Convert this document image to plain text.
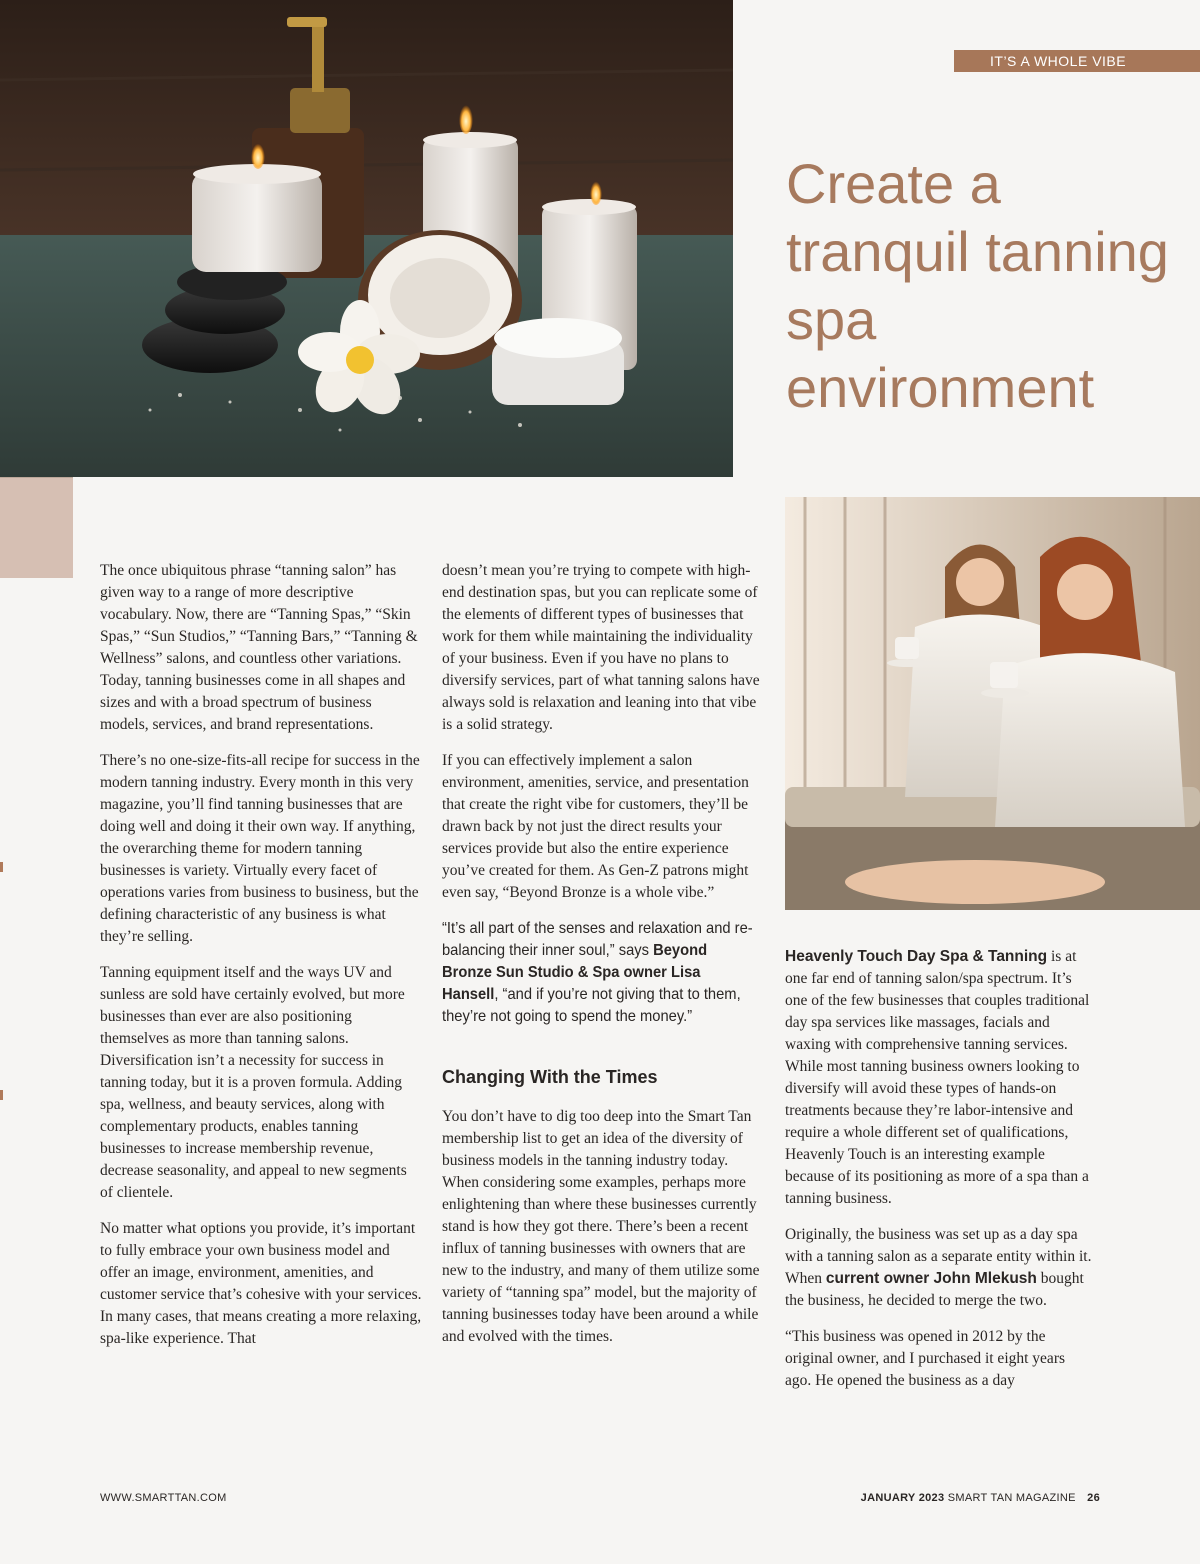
IT’S A WHOLE VIBE
Create a tranquil tanning spa environment

The once ubiquitous phrase “tanning salon” has given way to a range of more descriptive vocabulary. Now, there are “Tanning Spas,” “Skin Spas,” “Sun Studios,” “Tanning Bars,” “Tanning & Wellness” salons, and countless other variations. Today, tanning businesses come in all shapes and sizes and with a broad spectrum of business models, services, and brand representations.

There’s no one-size-fits-all recipe for success in the modern tanning industry. Every month in this very magazine, you’ll find tanning businesses that are doing well and doing it their own way. If anything, the overarching theme for modern tanning businesses is variety. Virtually every facet of operations varies from business to business, but the defining characteristic of any business is what they’re selling.

Tanning equipment itself and the ways UV and sunless are sold have certainly evolved, but more businesses than ever are also positioning themselves as more than tanning salons. Diversification isn’t a necessity for success in tanning today, but it is a proven formula. Adding spa, wellness, and beauty services, along with complementary products, enables tanning businesses to increase membership revenue, decrease seasonality, and appeal to new segments of clientele.

No matter what options you provide, it’s important to fully embrace your own business model and offer an image, environment, amenities, and customer service that’s cohesive with your services. In many cases, that means creating a more relaxing, spa-like experience. That

doesn’t mean you’re trying to compete with high-end destination spas, but you can replicate some of the elements of different types of businesses that work for them while maintaining the individuality of your business. Even if you have no plans to diversify services, part of what tanning salons have always sold is relaxation and leaning into that vibe is a solid strategy.

If you can effectively implement a salon environment, amenities, service, and presentation that create the right vibe for customers, they’ll be drawn back by not just the direct results your services provide but also the entire experience you’ve created for them. As Gen-Z patrons might even say, “Beyond Bronze is a whole vibe.”

“It’s all part of the senses and relaxation and re-balancing their inner soul,” says Beyond Bronze Sun Studio & Spa owner Lisa Hansell, “and if you’re not giving that to them, they’re not going to spend the money.”
Changing With the Times

You don’t have to dig too deep into the Smart Tan membership list to get an idea of the diversity of business models in the tanning industry today. When considering some examples, perhaps more enlightening than where these businesses currently stand is how they got there. There’s been a recent influx of tanning businesses with owners that are new to the industry, and many of them utilize some variety of “tanning spa” model, but the majority of tanning businesses today have been around a while and evolved with the times.

Heavenly Touch Day Spa & Tanning is at one far end of tanning salon/spa spectrum. It’s one of the few businesses that couples traditional day spa services like massages, facials and waxing with comprehensive tanning services. While most tanning business owners looking to diversify will avoid these types of hands-on treatments because they’re labor-intensive and require a whole different set of qualifications, Heavenly Touch is an interesting example because of its positioning as more of a spa than a tanning business.

Originally, the business was set up as a day spa with a tanning salon as a separate entity within it. When current owner John Mlekush bought the business, he decided to merge the two.

“This business was opened in 2012 by the original owner, and I purchased it eight years ago. He opened the business as a day

WWW.SMARTTAN.COM	JANUARY 2023 SMART TAN MAGAZINE 26
